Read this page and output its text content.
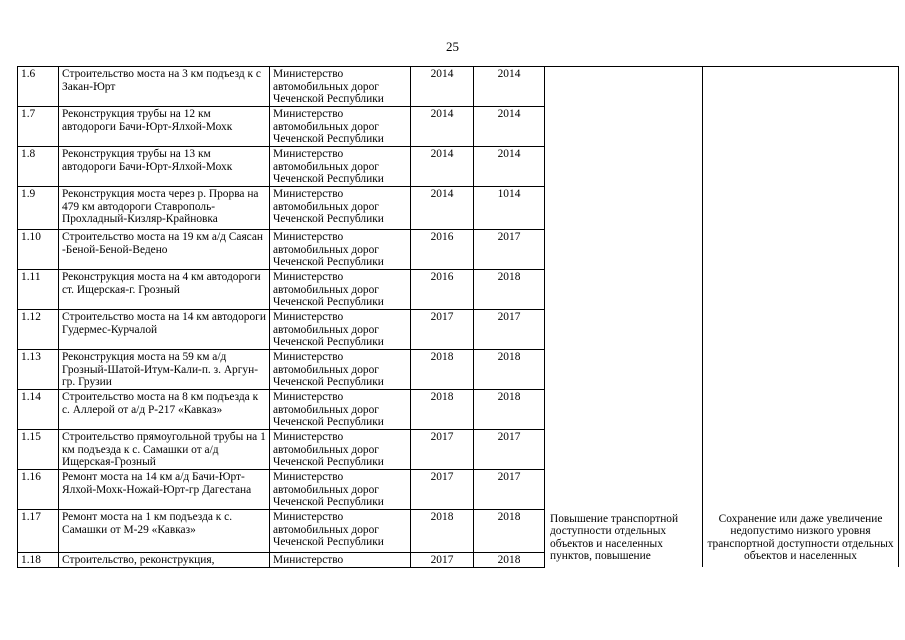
25
1.6	Строительство моста на 3 км подъезд к с Закан-Юрт	Министерство автомобильных дорог Чеченской Республики	2014	2014		
1.7	Реконструкция трубы на 12 км автодороги Бачи-Юрт-Ялхой-Мохк	Министерство автомобильных дорог Чеченской Республики	2014	2014		
1.8	Реконструкция трубы на 13 км автодороги Бачи-Юрт-Ялхой-Мохк	Министерство автомобильных дорог Чеченской Республики	2014	2014		
1.9	Реконструкция моста через р. Прорва на 479 км автодороги Ставрополь-Прохладный-Кизляр-Крайновка	Министерство автомобильных дорог Чеченской Республики	2014	1014		
1.10	Строительство моста на 19 км а/д Саясан -Беной-Беной-Ведено	Министерство автомобильных дорог Чеченской Республики	2016	2017		
1.11	Реконструкция моста на 4 км автодороги ст. Ищерская-г. Грозный	Министерство автомобильных дорог Чеченской Республики	2016	2018		
1.12	Строительство моста на 14 км автодороги Гудермес-Курчалой	Министерство автомобильных дорог Чеченской Республики	2017	2017		
1.13	Реконструкция моста на 59 км а/д Грозный-Шатой-Итум-Кали-п. з. Аргун-гр. Грузии	Министерство автомобильных дорог Чеченской Республики	2018	2018		
1.14	Строительство моста на 8 км подъезда к с. Аллерой от а/д Р-217 «Кавказ»	Министерство автомобильных дорог Чеченской Республики	2018	2018		
1.15	Строительство прямоугольной трубы на 1 км подъезда к с. Самашки от а/д Ищерская-Грозный	Министерство автомобильных дорог Чеченской Республики	2017	2017		
1.16	Ремонт моста на 14 км а/д Бачи-Юрт-Ялхой-Мохк-Ножай-Юрт-гр Дагестана	Министерство автомобильных дорог Чеченской Республики	2017	2017		
1.17	Ремонт моста на 1 км подъезда к с. Самашки от М-29 «Кавказ»	Министерство автомобильных дорог Чеченской Республики	2018	2018	Повышение транспортной доступности отдельных объектов и населенных пунктов, повышение	Сохранение или даже увеличение недопустимо низкого уровня транспортной доступности отдельных объектов и населенных
1.18	Строительство, реконструкция,	Министерство	2017	2018		
